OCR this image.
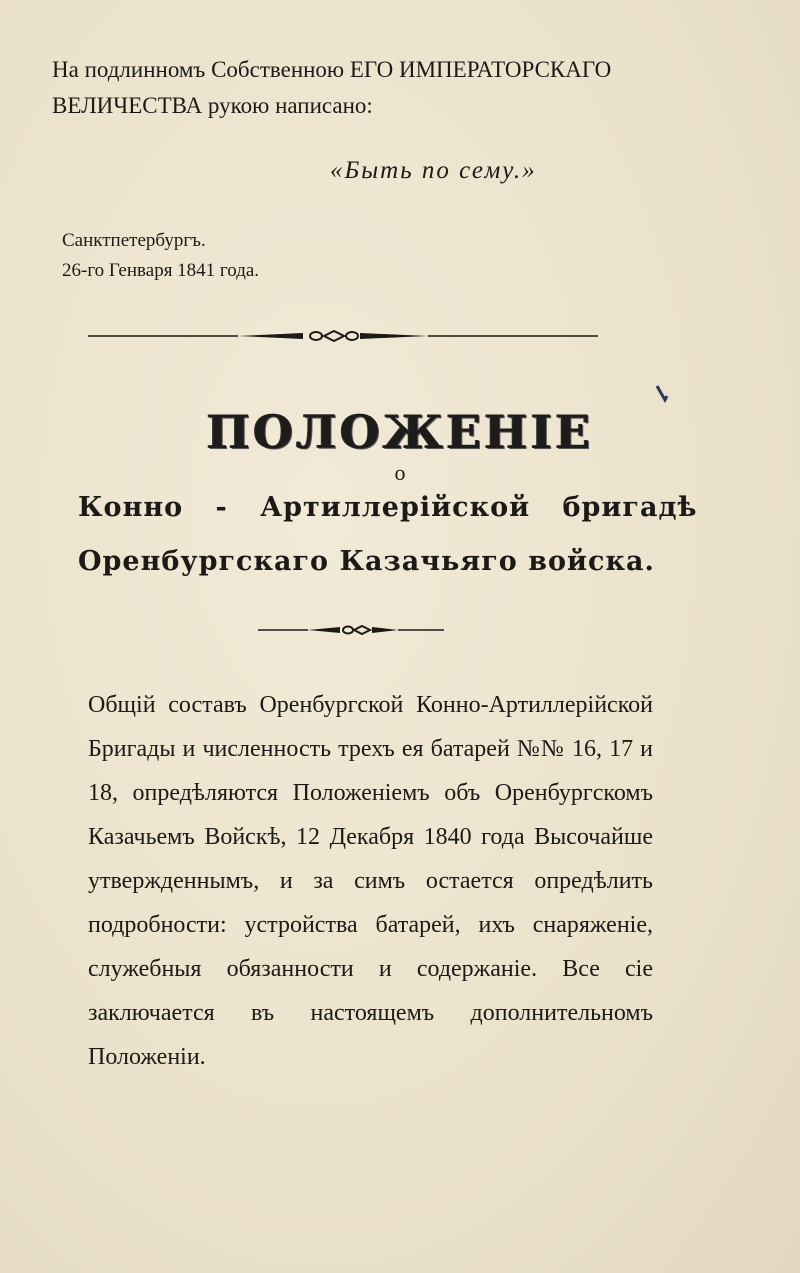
На подлинномъ Собственною ЕГО ИМПЕРАТОРСКАГО
ВЕЛИЧЕСТВА рукою написано:
«Быть по сему.»
Санктпетербургъ.
26-го Генваря 1841 года.
ПОЛОЖЕНІЕ
о
Конно - Артиллерійской бригадѣ
Оренбургскаго Казачьяго войска.
Общій составъ Оренбургской Конно-Артиллерійской Бригады и численность трехъ ея батарей №№ 16, 17 и 18, опредѣляются Положеніемъ объ Оренбургскомъ Казачьемъ Войскѣ, 12 Декабря 1840 года Высочайше утвержденнымъ, и за симъ остается опредѣлить подробности: устройства батарей, ихъ снаряженіе, служебныя обязанности и содержаніе. Все сіе заключается въ настоящемъ дополнительномъ Положеніи.
